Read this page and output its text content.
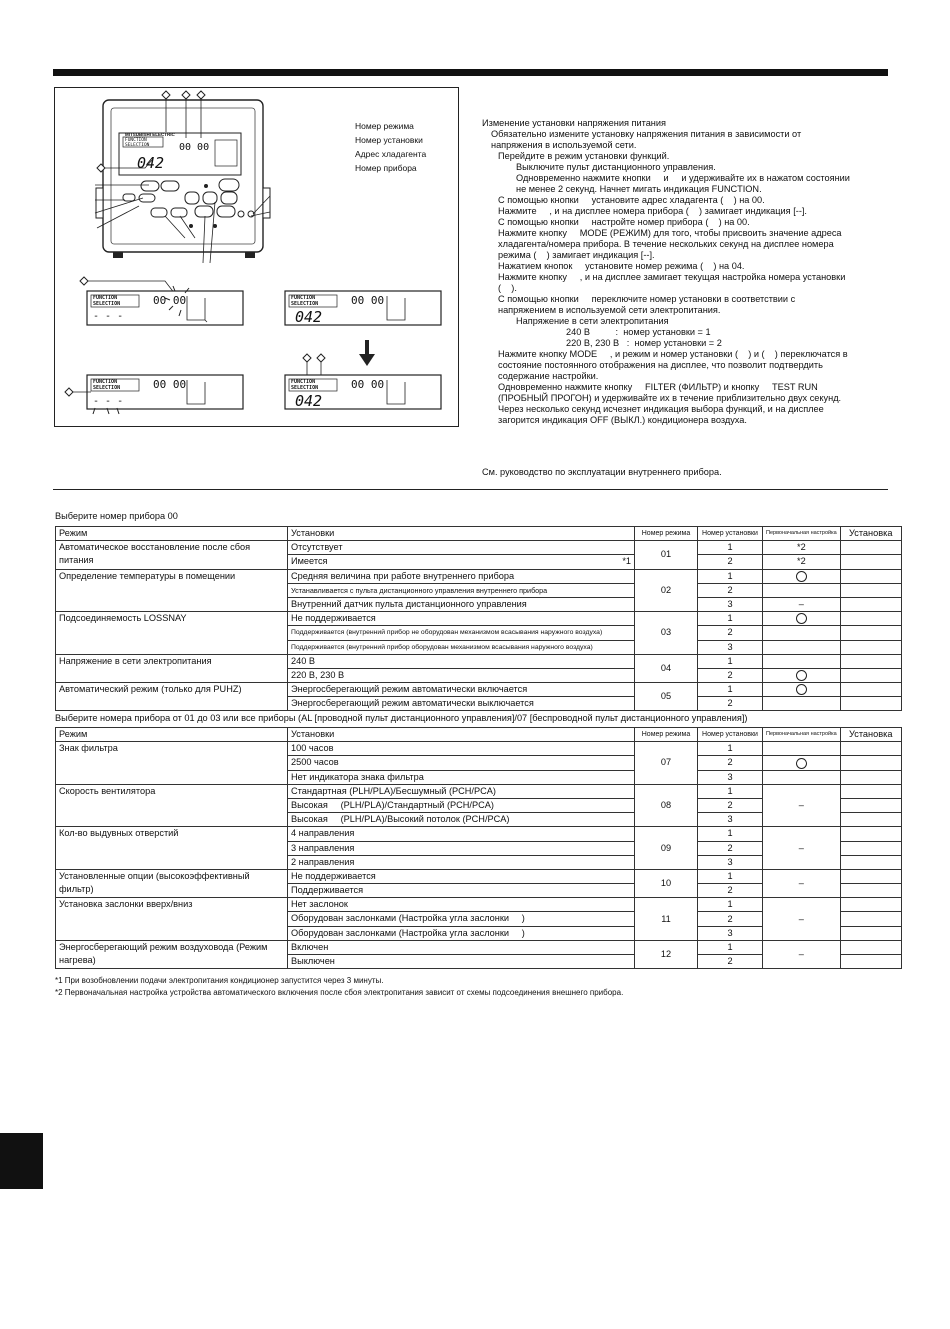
MITSUBISHI ELECTRIC
FUNCTION
SELECTION	00 00
042
Номер режима
Номер установки
Адрес хладагента
Номер прибора
FUNCTION
SELECTION	00 00
- - -
FUNCTION
SELECTION	00 00
042
FUNCTION
SELECTION	00 00
- - -
FUNCTION
SELECTION	00 00
042
Изменение установки напряжения питания
Обязательно измените установку напряжения питания в зависимости от
напряжения в используемой сети.
Перейдите в режим установки функций.
Выключите пульт дистанционного управления.
Одновременно нажмите кнопки     и     и удерживайте их в нажатом состоянии
не менее 2 секунд. Начнет мигать индикация FUNCTION.
С помощью кнопки     установите адрес хладагента (    ) на 00.
Нажмите     , и на дисплее номера прибора (    ) замигает индикация [--].
С помощью кнопки     настройте номер прибора (    ) на 00.
Нажмите кнопку     MODE (РЕЖИМ) для того, чтобы присвоить значение адреса
хладагента/номера прибора. В течение нескольких секунд на дисплее номера
режима (    ) замигает индикация [--].
Нажатием кнопок     установите номер режима (    ) на 04.
Нажмите кнопку     , и на дисплее замигает текущая настройка номера установки
(    ).
С помощью кнопки     переключите номер установки в соответствии с
напряжением в используемой сети электропитания.
Напряжение в сети электропитания
240 В          :  номер установки = 1
220 В, 230 В   :  номер установки = 2
Нажмите кнопку MODE     , и режим и номер установки (    ) и (    ) переключатся в
состояние постоянного отображения на дисплее, что позволит подтвердить
содержание настройки.
Одновременно нажмите кнопку     FILTER (ФИЛЬТР) и кнопку     TEST RUN
(ПРОБНЫЙ ПРОГОН) и удерживайте их в течение приблизительно двух секунд.
Через несколько секунд исчезнет индикация выбора функций, и на дисплее
загорится индикация OFF (ВЫКЛ.) кондиционера воздуха.
См. руководство по эксплуатации внутреннего прибора.
Выберите номер прибора 00
Режим	Установки	Номер режима	Номер установки	Первоначальная настройка	Установка
Автоматическое восстановление после сбоя питания	Отсутствует	01	1	*2	
	Имеется *1		2	*2	
Определение температуры в помещении	Средняя величина при работе внутреннего прибора	02	1		
	Устанавливается с пульта дистанционного управления внутреннего прибора		2		
	Внутренний датчик пульта дистанционного управления		3	–	
Подсоединяемость LOSSNAY	Не поддерживается	03	1		
	Поддерживается (внутренний прибор не оборудован механизмом всасывания наружного воздуха)		2		
	Поддерживается (внутренний прибор оборудован механизмом всасывания наружного воздуха)		3		
Напряжение в сети электропитания	240 В	04	1		
	220 В, 230 В		2		
Автоматический режим (только для PUHZ)	Энергосберегающий режим автоматически включается	05	1		
	Энергосберегающий режим автоматически выключается		2		
Выберите номера прибора от 01 до 03 или все приборы (AL [проводной пульт дистанционного управления]/07 [беспроводной пульт дистанционного управления])
Режим	Установки	Номер режима	Номер установки	Первоначальная настройка	Установка
Знак фильтра	100 часов	07	1		
	2500 часов		2		
	Нет индикатора знака фильтра		3		
Скорость вентилятора	Стандартная (PLH/PLA)/Бесшумный (PCH/PCA)	08	1	–	
	Высокая     (PLH/PLA)/Стандартный (PCH/PCA)		2		
	Высокая     (PLH/PLA)/Высокий потолок (PCH/PCA)		3		
Кол-во выдувных отверстий	4 направления	09	1	–	
	3 направления		2		
	2 направления		3		
Установленные опции (высокоэффективный фильтр)	Не поддерживается	10	1	–	
	Поддерживается		2		
Установка заслонки вверх/вниз	Нет заслонок	11	1	–	
	Оборудован заслонками (Настройка угла заслонки     )		2		
	Оборудован заслонками (Настройка угла заслонки     )		3		
Энергосберегающий режим воздуховода (Режим нагрева)	Включен	12	1	–	
	Выключен		2		
*1 При возобновлении подачи электропитания кондиционер запустится через 3 минуты.
*2 Первоначальная настройка устройства автоматического включения после сбоя электропитания зависит от схемы подсоединения внешнего прибора.
